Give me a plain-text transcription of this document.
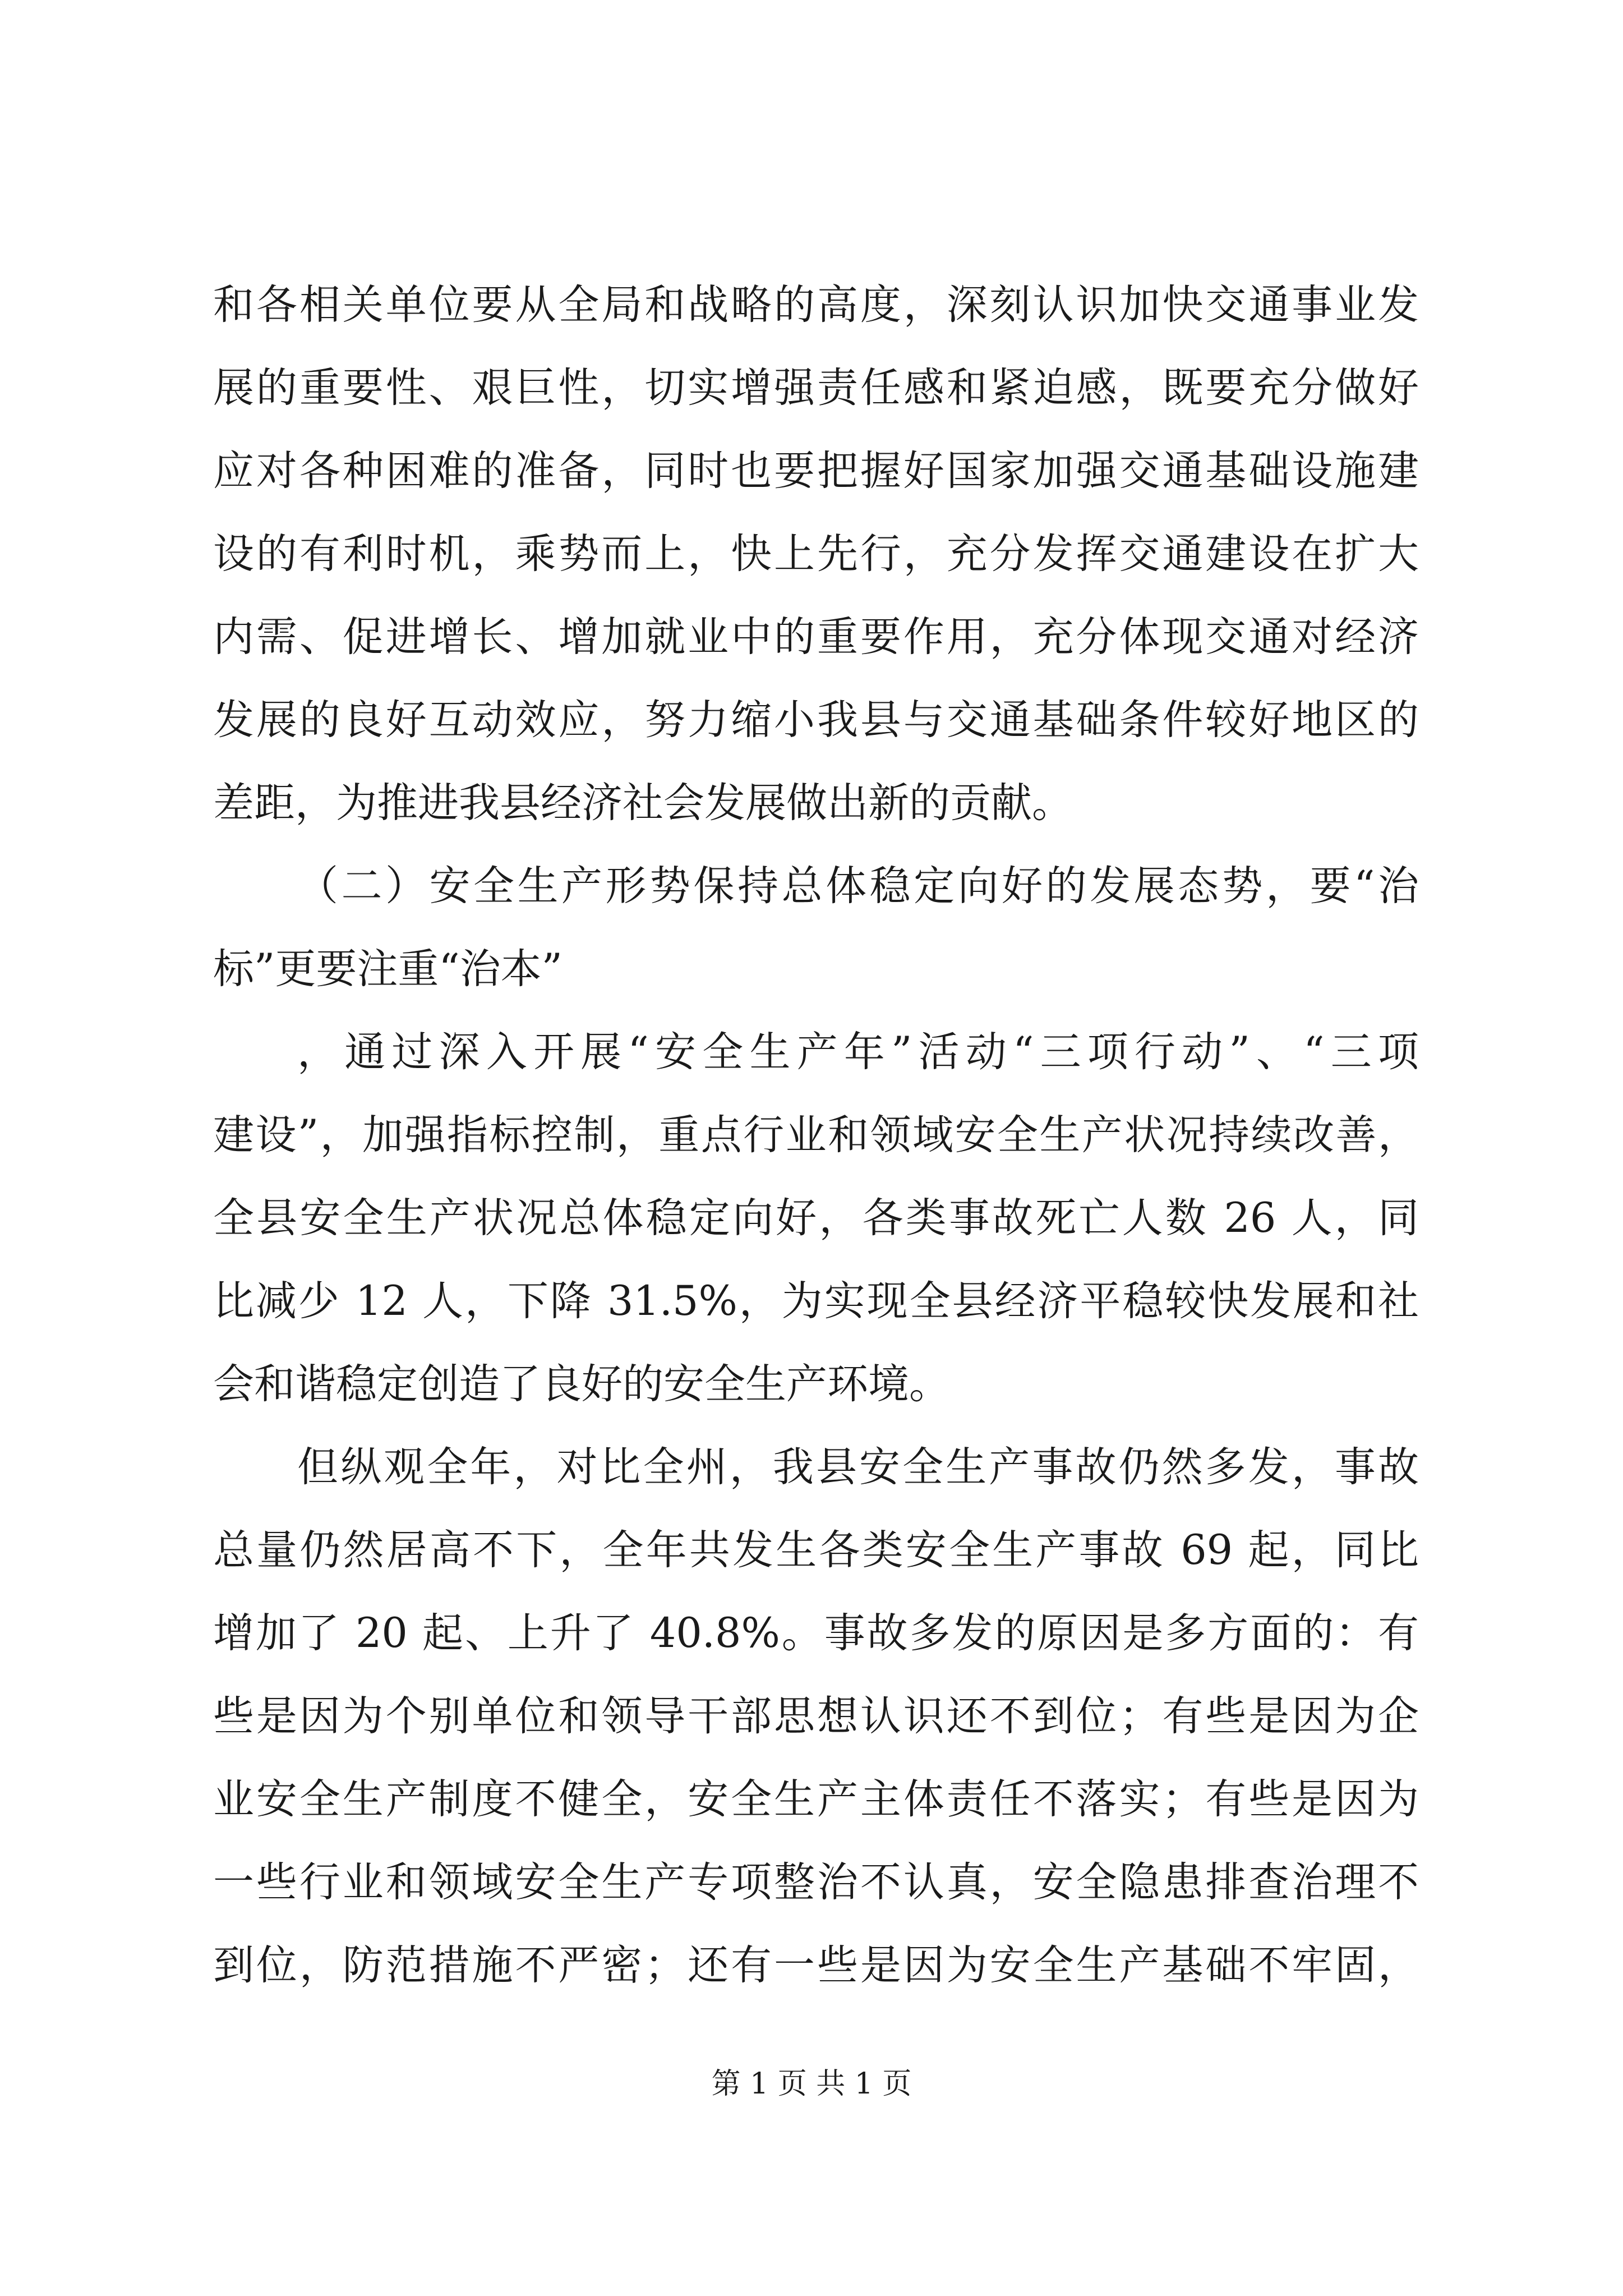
和各相关单位要从全局和战略的高度，深刻认识加快交通事业发
展的重要性、艰巨性，切实增强责任感和紧迫感，既要充分做好
应对各种困难的准备，同时也要把握好国家加强交通基础设施建
设的有利时机，乘势而上，快上先行，充分发挥交通建设在扩大
内需、促进增长、增加就业中的重要作用，充分体现交通对经济
发展的良好互动效应，努力缩小我县与交通基础条件较好地区的
差距，为推进我县经济社会发展做出新的贡献。
（二）安全生产形势保持总体稳定向好的发展态势，要“治
标”更要注重“治本”
，通过深入开展“安全生产年”活动“三项行动”、“三项
建设”，加强指标控制，重点行业和领域安全生产状况持续改善，
全县安全生产状况总体稳定向好，各类事故死亡人数 26 人，同
比减少 12 人，下降 31.5%，为实现全县经济平稳较快发展和社
会和谐稳定创造了良好的安全生产环境。
但纵观全年，对比全州，我县安全生产事故仍然多发，事故
总量仍然居高不下，全年共发生各类安全生产事故 69 起，同比
增加了 20 起、上升了 40.8%。事故多发的原因是多方面的：有
些是因为个别单位和领导干部思想认识还不到位；有些是因为企
业安全生产制度不健全，安全生产主体责任不落实；有些是因为
一些行业和领域安全生产专项整治不认真，安全隐患排查治理不
到位，防范措施不严密；还有一些是因为安全生产基础不牢固，
第 1 页 共 1 页
